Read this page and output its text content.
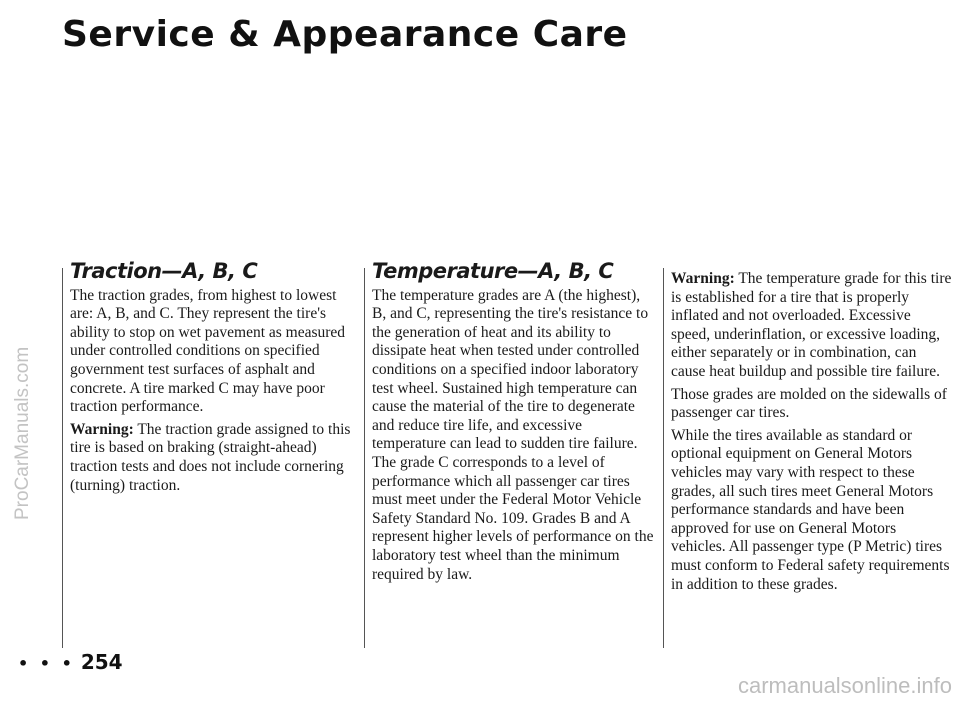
Service & Appearance Care
ProCarManuals.com
Traction—A, B, C

The traction grades, from highest to lowest are: A, B, and C. They represent the tire's ability to stop on wet pavement as measured under controlled conditions on specified government test surfaces of asphalt and concrete. A tire marked C may have poor traction performance.

Warning: The traction grade assigned to this tire is based on braking (straight-ahead) traction tests and does not include cornering (turning) traction.

Temperature—A, B, C

The temperature grades are A (the highest), B, and C, representing the tire's resistance to the generation of heat and its ability to dissipate heat when tested under controlled conditions on a specified indoor laboratory test wheel. Sustained high temperature can cause the material of the tire to degenerate and reduce tire life, and excessive temperature can lead to sudden tire failure. The grade C corresponds to a level of performance which all passenger car tires must meet under the Federal Motor Vehicle Safety Standard No. 109. Grades B and A represent higher levels of performance on the laboratory test wheel than the minimum required by law.

Warning: The temperature grade for this tire is established for a tire that is properly inflated and not overloaded. Excessive speed, underinflation, or excessive loading, either separately or in combination, can cause heat buildup and possible tire failure.

Those grades are molded on the sidewalls of passenger car tires.

While the tires available as standard or optional equipment on General Motors vehicles may vary with respect to these grades, all such tires meet General Motors performance standards and have been approved for use on General Motors vehicles. All passenger type (P Metric) tires must conform to Federal safety requirements in addition to these grades.

• • • 254
carmanualsonline.info
